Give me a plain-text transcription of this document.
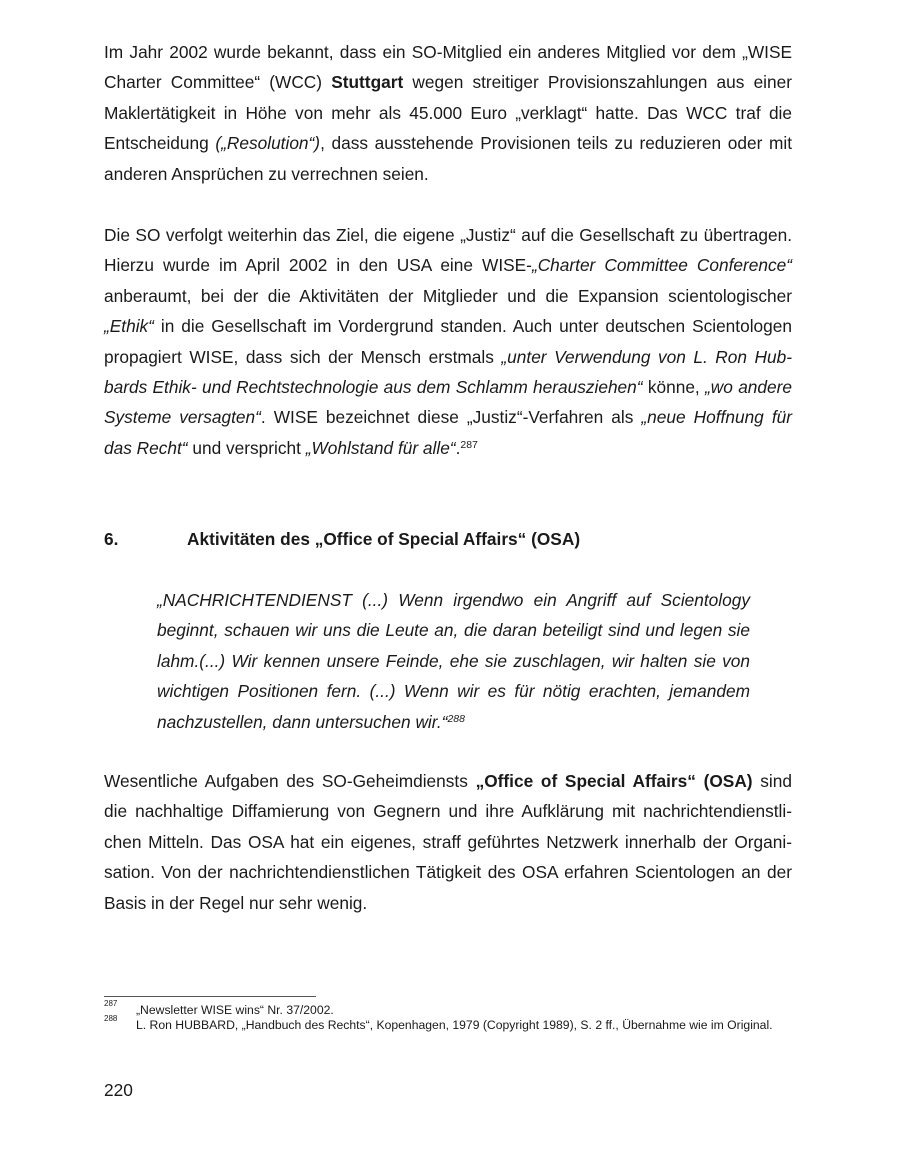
Im Jahr 2002 wurde bekannt, dass ein SO-Mitglied ein anderes Mitglied vor dem „WISE Charter Committee“ (WCC) Stuttgart wegen streitiger Provisionszahlungen aus einer Maklertätigkeit in Höhe von mehr als 45.000 Euro „verklagt“ hatte. Das WCC traf die Entscheidung („Resolution“), dass ausstehende Provisionen teils zu reduzieren oder mit anderen Ansprüchen zu verrechnen seien.

Die SO verfolgt weiterhin das Ziel, die eigene „Justiz“ auf die Gesellschaft zu übertragen. Hierzu wurde im April 2002 in den USA eine WISE-„Charter Committee Conference“ anberaumt, bei der die Aktivitäten der Mitglieder und die Expansion scientologischer „Ethik“ in die Gesellschaft im Vordergrund standen. Auch unter deutschen Scientologen propagiert WISE, dass sich der Mensch erstmals „unter Verwendung von L. Ron Hubbards Ethik- und Rechtstechnologie aus dem Schlamm herausziehen“ könne, „wo andere Systeme versagten“. WISE bezeichnet diese „Justiz“-Verfahren als „neue Hoffnung für das Recht“ und verspricht „Wohlstand für alle“.$^{287}$

6.	Aktivitäten des „Office of Special Affairs“ (OSA)
„NACHRICHTENDIENST (...) Wenn irgendwo ein Angriff auf Scientology beginnt, schauen wir uns die Leute an, die daran beteiligt sind und legen sie lahm.(...) Wir kennen unsere Feinde, ehe sie zuschlagen, wir halten sie von wichtigen Positionen fern. (...) Wenn wir es für nötig erachten, jemandem nachzustellen, dann untersuchen wir.“$^{288}$

Wesentliche Aufgaben des SO-Geheimdiensts „Office of Special Affairs“ (OSA) sind die nachhaltige Diffamierung von Gegnern und ihre Aufklärung mit nachrichtendienstlichen Mitteln. Das OSA hat ein eigenes, straff geführtes Netzwerk innerhalb der Organisation. Von der nachrichtendienstlichen Tätigkeit des OSA erfahren Scientologen an der Basis in der Regel nur sehr wenig.

287 „Newsletter WISE wins“ Nr. 37/2002.
288 L. Ron HUBBARD, „Handbuch des Rechts“, Kopenhagen, 1979 (Copyright 1989), S. 2 ff., Übernahme wie im Original.
220
